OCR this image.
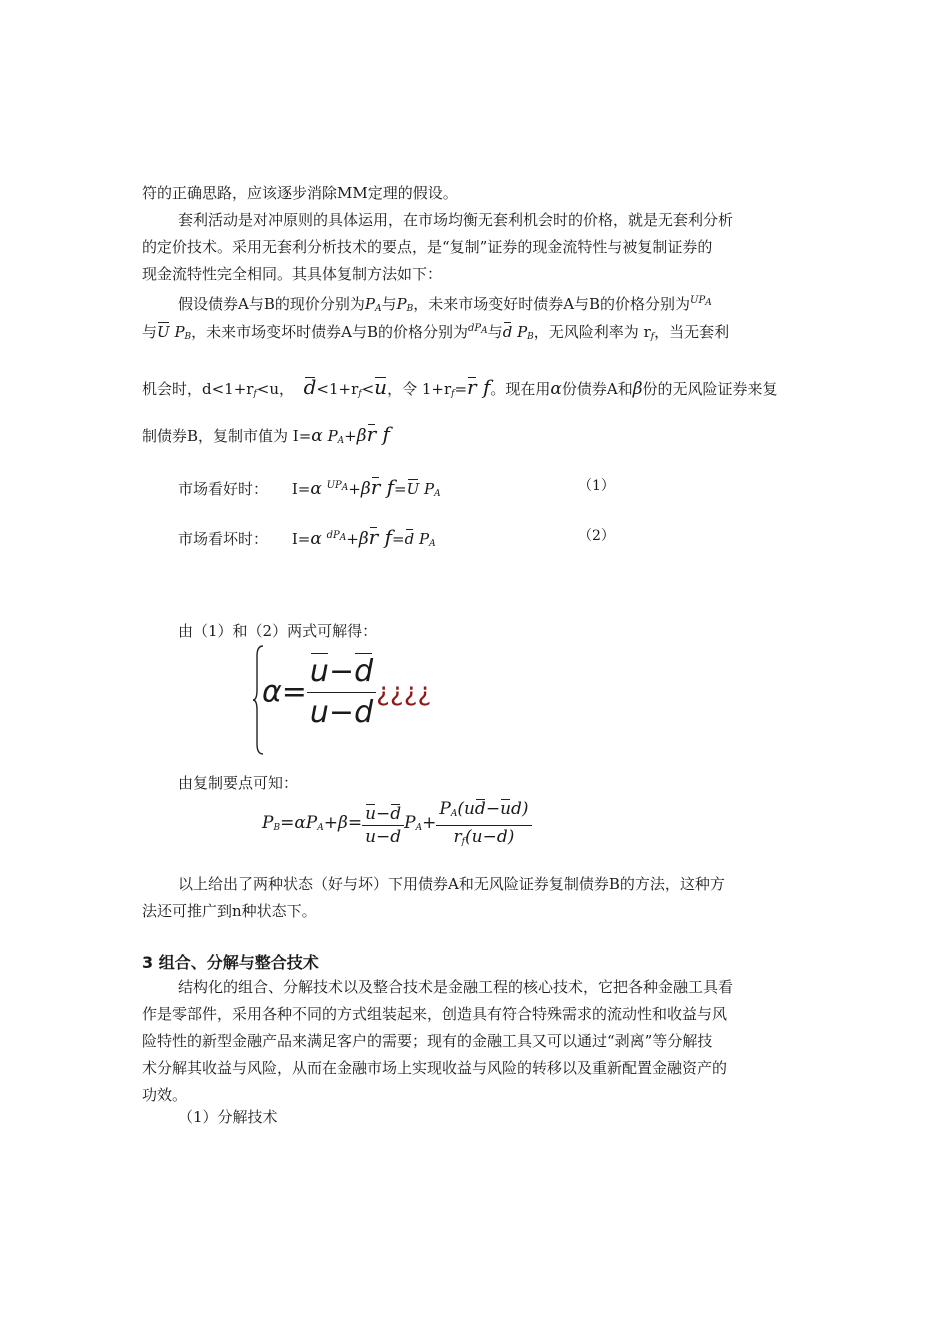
符的正确思路，应该逐步消除MM定理的假设。
套利活动是对冲原则的具体运用，在市场均衡无套利机会时的价格，就是无套利分析
的定价技术。采用无套利分析技术的要点，是“复制”证券的现金流特性与被复制证券的
现金流特性完全相同。其具体复制方法如下：
假设债券A与B的现价分别为$P_A$与$P_B$，未来市场变好时债券A与B的价格分别为$^{UPA}$
与U $P_B$，未来市场变坏时债券A与B的价格分别为$^{dPA}$与d $P_B$，无风险利率为 $r_f$，当无套利
机会时，$d<1+r_f<u$， $d<1+r_f<u$，令 $1+r_f=r$ f。现在用α份债券A和β份的无风险证券来复
制债券B，复制市值为 I=α $P_A+\beta r$ f
市场看好时：     I=α $^{UPA}$+βr f=U $P_A$	（1）
市场看坏时：     I=α $^{dPA}$+βr f=d $P_A$	（2）
由（1）和（2）两式可解得：
$\alpha= \frac{u-d}{u-d}$ ¿¿¿¿
由复制要点可知：
$P_B=\alpha P_A+\beta= \frac{u-d}{u-d} P_A+ \frac{P_A(ud-ud)}{r_f(u-d)}$
以上给出了两种状态（好与坏）下用债券A和无风险证券复制债券B的方法，这种方
法还可推广到n种状态下。
3 组合、分解与整合技术
结构化的组合、分解技术以及整合技术是金融工程的核心技术，它把各种金融工具看
作是零部件，采用各种不同的方式组装起来，创造具有符合特殊需求的流动性和收益与风
险特性的新型金融产品来满足客户的需要；现有的金融工具又可以通过“剥离”等分解技
术分解其收益与风险，从而在金融市场上实现收益与风险的转移以及重新配置金融资产的
功效。
（1）分解技术
